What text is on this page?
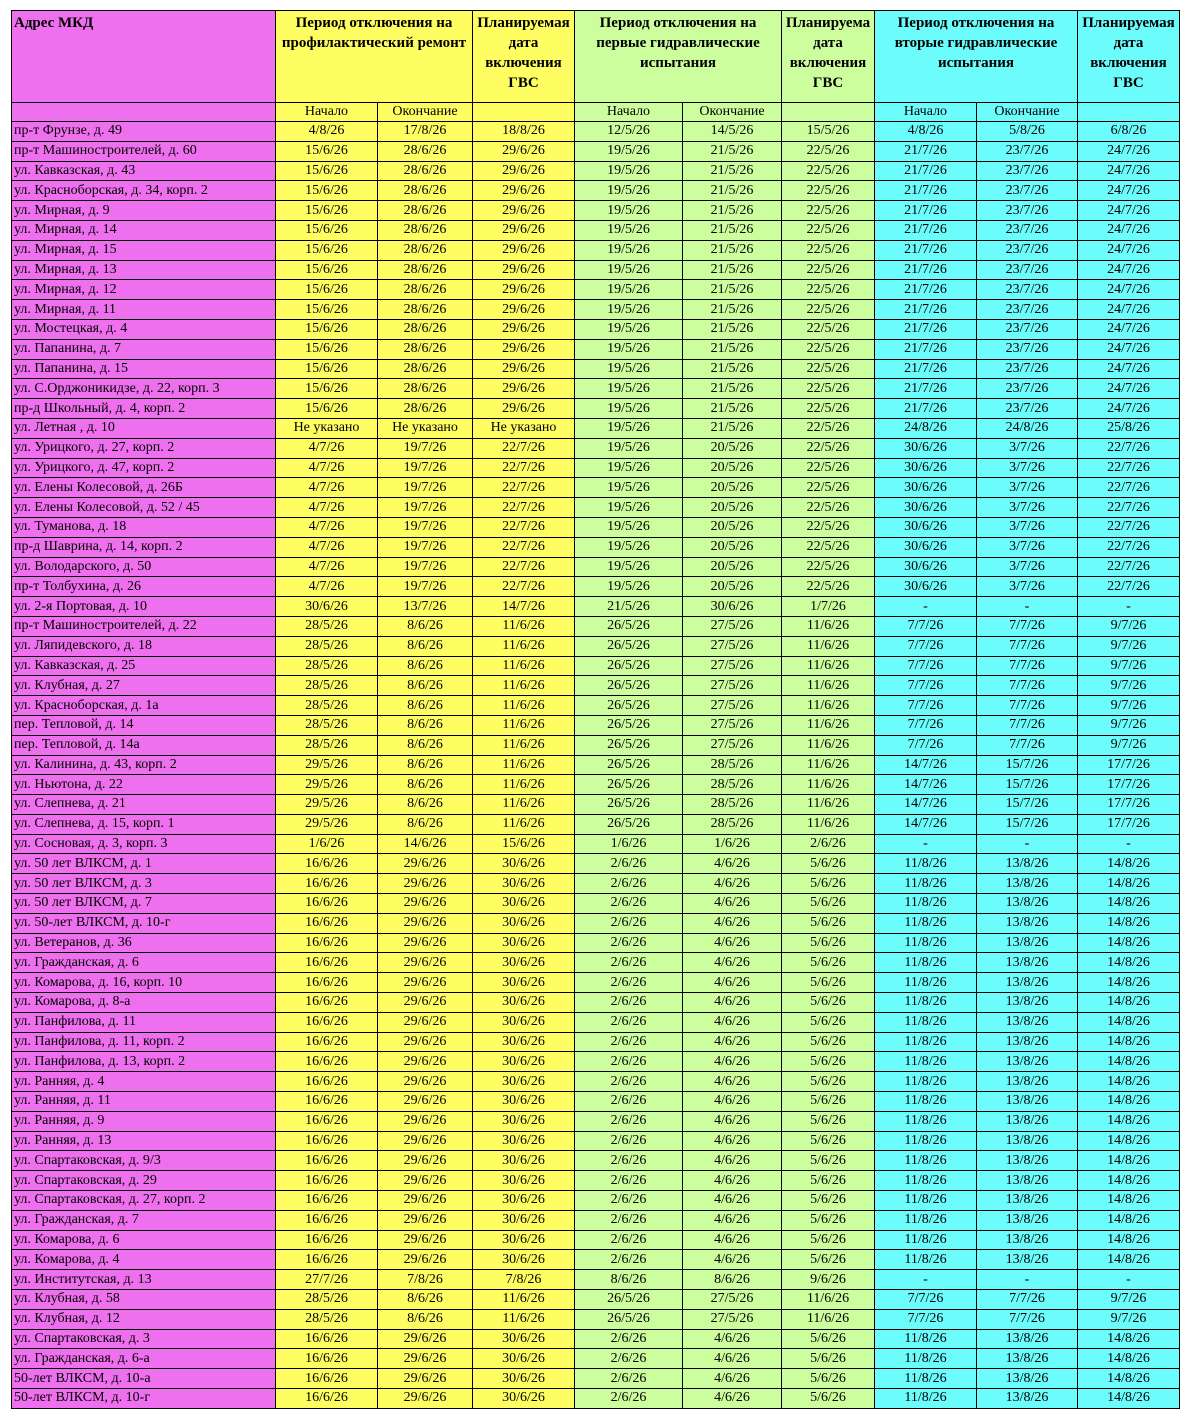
Адрес МКД	Период отключения на профилактический ремонт		Планируемая дата включения ГВС	Период отключения на первые гидравлические испытания		Планируема дата включения ГВС	Период отключения на вторые гидравлические испытания		Планируемая дата включения ГВС
	Начало	Окончание		Начало	Окончание		Начало	Окончание	
пр-т Фрунзе, д. 49	4/8/26	17/8/26	18/8/26	12/5/26	14/5/26	15/5/26	4/8/26	5/8/26	6/8/26
пр-т Машиностроителей, д. 60	15/6/26	28/6/26	29/6/26	19/5/26	21/5/26	22/5/26	21/7/26	23/7/26	24/7/26
ул. Кавказская, д. 43	15/6/26	28/6/26	29/6/26	19/5/26	21/5/26	22/5/26	21/7/26	23/7/26	24/7/26
ул. Красноборская, д. 34, корп. 2	15/6/26	28/6/26	29/6/26	19/5/26	21/5/26	22/5/26	21/7/26	23/7/26	24/7/26
ул. Мирная, д. 9	15/6/26	28/6/26	29/6/26	19/5/26	21/5/26	22/5/26	21/7/26	23/7/26	24/7/26
ул. Мирная, д. 14	15/6/26	28/6/26	29/6/26	19/5/26	21/5/26	22/5/26	21/7/26	23/7/26	24/7/26
ул. Мирная, д. 15	15/6/26	28/6/26	29/6/26	19/5/26	21/5/26	22/5/26	21/7/26	23/7/26	24/7/26
ул. Мирная, д. 13	15/6/26	28/6/26	29/6/26	19/5/26	21/5/26	22/5/26	21/7/26	23/7/26	24/7/26
ул. Мирная, д. 12	15/6/26	28/6/26	29/6/26	19/5/26	21/5/26	22/5/26	21/7/26	23/7/26	24/7/26
ул. Мирная, д. 11	15/6/26	28/6/26	29/6/26	19/5/26	21/5/26	22/5/26	21/7/26	23/7/26	24/7/26
ул. Мостецкая, д. 4	15/6/26	28/6/26	29/6/26	19/5/26	21/5/26	22/5/26	21/7/26	23/7/26	24/7/26
ул. Папанина, д. 7	15/6/26	28/6/26	29/6/26	19/5/26	21/5/26	22/5/26	21/7/26	23/7/26	24/7/26
ул. Папанина, д. 15	15/6/26	28/6/26	29/6/26	19/5/26	21/5/26	22/5/26	21/7/26	23/7/26	24/7/26
ул. С.Орджоникидзе, д. 22, корп. 3	15/6/26	28/6/26	29/6/26	19/5/26	21/5/26	22/5/26	21/7/26	23/7/26	24/7/26
пр-д Школьный, д. 4, корп. 2	15/6/26	28/6/26	29/6/26	19/5/26	21/5/26	22/5/26	21/7/26	23/7/26	24/7/26
ул. Летная , д. 10	Не указано	Не указано	Не указано	19/5/26	21/5/26	22/5/26	24/8/26	24/8/26	25/8/26
ул. Урицкого, д. 27, корп. 2	4/7/26	19/7/26	22/7/26	19/5/26	20/5/26	22/5/26	30/6/26	3/7/26	22/7/26
ул. Урицкого, д. 47, корп. 2	4/7/26	19/7/26	22/7/26	19/5/26	20/5/26	22/5/26	30/6/26	3/7/26	22/7/26
ул. Елены Колесовой, д. 26Б	4/7/26	19/7/26	22/7/26	19/5/26	20/5/26	22/5/26	30/6/26	3/7/26	22/7/26
ул. Елены Колесовой, д. 52 / 45	4/7/26	19/7/26	22/7/26	19/5/26	20/5/26	22/5/26	30/6/26	3/7/26	22/7/26
ул. Туманова, д. 18	4/7/26	19/7/26	22/7/26	19/5/26	20/5/26	22/5/26	30/6/26	3/7/26	22/7/26
пр-д Шаврина, д. 14, корп. 2	4/7/26	19/7/26	22/7/26	19/5/26	20/5/26	22/5/26	30/6/26	3/7/26	22/7/26
ул. Володарского, д. 50	4/7/26	19/7/26	22/7/26	19/5/26	20/5/26	22/5/26	30/6/26	3/7/26	22/7/26
пр-т Толбухина, д. 26	4/7/26	19/7/26	22/7/26	19/5/26	20/5/26	22/5/26	30/6/26	3/7/26	22/7/26
ул. 2-я Портовая, д. 10	30/6/26	13/7/26	14/7/26	21/5/26	30/6/26	1/7/26	-	-	-
пр-т Машиностроителей, д. 22	28/5/26	8/6/26	11/6/26	26/5/26	27/5/26	11/6/26	7/7/26	7/7/26	9/7/26
ул. Ляпидевского, д. 18	28/5/26	8/6/26	11/6/26	26/5/26	27/5/26	11/6/26	7/7/26	7/7/26	9/7/26
ул. Кавказская, д. 25	28/5/26	8/6/26	11/6/26	26/5/26	27/5/26	11/6/26	7/7/26	7/7/26	9/7/26
ул. Клубная, д. 27	28/5/26	8/6/26	11/6/26	26/5/26	27/5/26	11/6/26	7/7/26	7/7/26	9/7/26
ул. Красноборская, д. 1а	28/5/26	8/6/26	11/6/26	26/5/26	27/5/26	11/6/26	7/7/26	7/7/26	9/7/26
пер. Тепловой, д. 14	28/5/26	8/6/26	11/6/26	26/5/26	27/5/26	11/6/26	7/7/26	7/7/26	9/7/26
пер. Тепловой, д. 14а	28/5/26	8/6/26	11/6/26	26/5/26	27/5/26	11/6/26	7/7/26	7/7/26	9/7/26
ул. Калинина, д. 43, корп. 2	29/5/26	8/6/26	11/6/26	26/5/26	28/5/26	11/6/26	14/7/26	15/7/26	17/7/26
ул. Ньютона, д. 22	29/5/26	8/6/26	11/6/26	26/5/26	28/5/26	11/6/26	14/7/26	15/7/26	17/7/26
ул. Слепнева, д. 21	29/5/26	8/6/26	11/6/26	26/5/26	28/5/26	11/6/26	14/7/26	15/7/26	17/7/26
ул. Слепнева, д. 15, корп. 1	29/5/26	8/6/26	11/6/26	26/5/26	28/5/26	11/6/26	14/7/26	15/7/26	17/7/26
ул. Сосновая, д. 3, корп. 3	1/6/26	14/6/26	15/6/26	1/6/26	1/6/26	2/6/26	-	-	-
ул. 50 лет ВЛКСМ, д. 1	16/6/26	29/6/26	30/6/26	2/6/26	4/6/26	5/6/26	11/8/26	13/8/26	14/8/26
ул. 50 лет ВЛКСМ, д. 3	16/6/26	29/6/26	30/6/26	2/6/26	4/6/26	5/6/26	11/8/26	13/8/26	14/8/26
ул. 50 лет ВЛКСМ, д. 7	16/6/26	29/6/26	30/6/26	2/6/26	4/6/26	5/6/26	11/8/26	13/8/26	14/8/26
ул. 50-лет ВЛКСМ, д. 10-г	16/6/26	29/6/26	30/6/26	2/6/26	4/6/26	5/6/26	11/8/26	13/8/26	14/8/26
ул. Ветеранов, д. 36	16/6/26	29/6/26	30/6/26	2/6/26	4/6/26	5/6/26	11/8/26	13/8/26	14/8/26
ул. Гражданская, д. 6	16/6/26	29/6/26	30/6/26	2/6/26	4/6/26	5/6/26	11/8/26	13/8/26	14/8/26
ул. Комарова, д. 16, корп. 10	16/6/26	29/6/26	30/6/26	2/6/26	4/6/26	5/6/26	11/8/26	13/8/26	14/8/26
ул. Комарова, д. 8-а	16/6/26	29/6/26	30/6/26	2/6/26	4/6/26	5/6/26	11/8/26	13/8/26	14/8/26
ул. Панфилова, д. 11	16/6/26	29/6/26	30/6/26	2/6/26	4/6/26	5/6/26	11/8/26	13/8/26	14/8/26
ул. Панфилова, д. 11, корп. 2	16/6/26	29/6/26	30/6/26	2/6/26	4/6/26	5/6/26	11/8/26	13/8/26	14/8/26
ул. Панфилова, д. 13, корп. 2	16/6/26	29/6/26	30/6/26	2/6/26	4/6/26	5/6/26	11/8/26	13/8/26	14/8/26
ул. Ранняя, д. 4	16/6/26	29/6/26	30/6/26	2/6/26	4/6/26	5/6/26	11/8/26	13/8/26	14/8/26
ул. Ранняя, д. 11	16/6/26	29/6/26	30/6/26	2/6/26	4/6/26	5/6/26	11/8/26	13/8/26	14/8/26
ул. Ранняя, д. 9	16/6/26	29/6/26	30/6/26	2/6/26	4/6/26	5/6/26	11/8/26	13/8/26	14/8/26
ул. Ранняя, д. 13	16/6/26	29/6/26	30/6/26	2/6/26	4/6/26	5/6/26	11/8/26	13/8/26	14/8/26
ул. Спартаковская, д. 9/3	16/6/26	29/6/26	30/6/26	2/6/26	4/6/26	5/6/26	11/8/26	13/8/26	14/8/26
ул. Спартаковская, д. 29	16/6/26	29/6/26	30/6/26	2/6/26	4/6/26	5/6/26	11/8/26	13/8/26	14/8/26
ул. Спартаковская, д. 27, корп. 2	16/6/26	29/6/26	30/6/26	2/6/26	4/6/26	5/6/26	11/8/26	13/8/26	14/8/26
ул. Гражданская, д. 7	16/6/26	29/6/26	30/6/26	2/6/26	4/6/26	5/6/26	11/8/26	13/8/26	14/8/26
ул. Комарова, д. 6	16/6/26	29/6/26	30/6/26	2/6/26	4/6/26	5/6/26	11/8/26	13/8/26	14/8/26
ул. Комарова, д. 4	16/6/26	29/6/26	30/6/26	2/6/26	4/6/26	5/6/26	11/8/26	13/8/26	14/8/26
ул. Институтская, д. 13	27/7/26	7/8/26	7/8/26	8/6/26	8/6/26	9/6/26	-	-	-
ул. Клубная, д. 58	28/5/26	8/6/26	11/6/26	26/5/26	27/5/26	11/6/26	7/7/26	7/7/26	9/7/26
ул. Клубная, д. 12	28/5/26	8/6/26	11/6/26	26/5/26	27/5/26	11/6/26	7/7/26	7/7/26	9/7/26
ул. Спартаковская, д. 3	16/6/26	29/6/26	30/6/26	2/6/26	4/6/26	5/6/26	11/8/26	13/8/26	14/8/26
ул. Гражданская, д. 6-а	16/6/26	29/6/26	30/6/26	2/6/26	4/6/26	5/6/26	11/8/26	13/8/26	14/8/26
50-лет ВЛКСМ, д. 10-а	16/6/26	29/6/26	30/6/26	2/6/26	4/6/26	5/6/26	11/8/26	13/8/26	14/8/26
50-лет ВЛКСМ, д. 10-г	16/6/26	29/6/26	30/6/26	2/6/26	4/6/26	5/6/26	11/8/26	13/8/26	14/8/26
